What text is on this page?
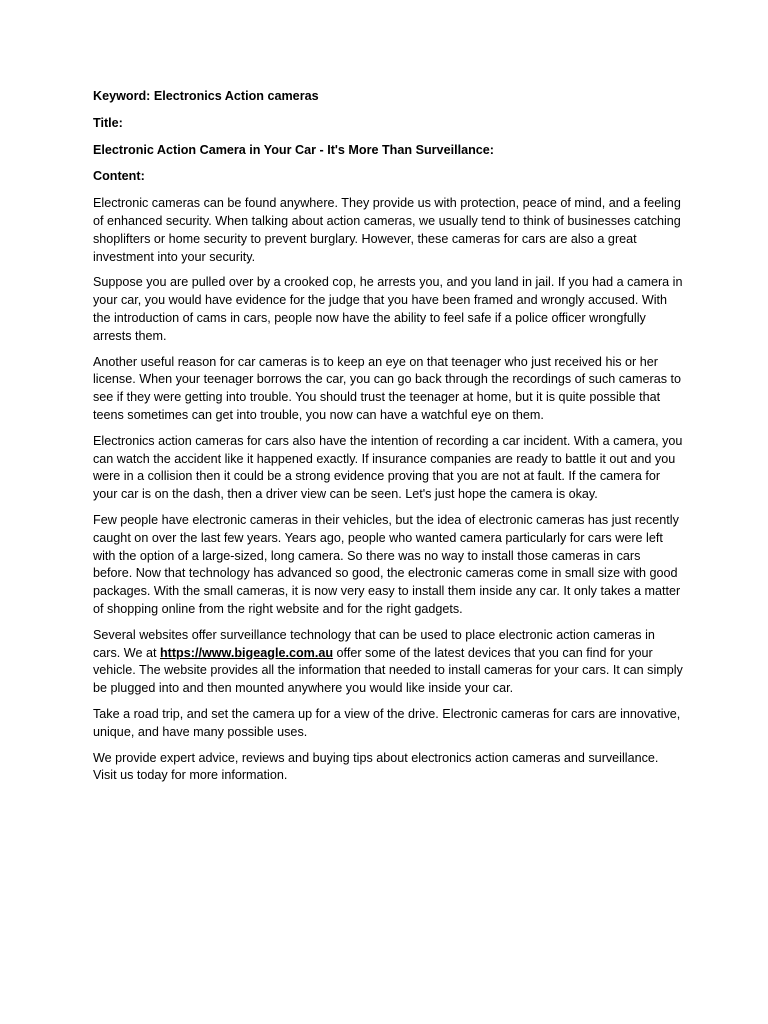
Keyword: Electronics Action cameras
Title:
Electronic Action Camera in Your Car - It's More Than Surveillance:
Content:

Electronic cameras can be found anywhere. They provide us with protection, peace of mind, and a feeling of enhanced security. When talking about action cameras, we usually tend to think of businesses catching shoplifters or home security to prevent burglary. However, these cameras for cars are also a great investment into your security.

Suppose you are pulled over by a crooked cop, he arrests you, and you land in jail. If you had a camera in your car, you would have evidence for the judge that you have been framed and wrongly accused. With the introduction of cams in cars, people now have the ability to feel safe if a police officer wrongfully arrests them.

Another useful reason for car cameras is to keep an eye on that teenager who just received his or her license. When your teenager borrows the car, you can go back through the recordings of such cameras to see if they were getting into trouble. You should trust the teenager at home, but it is quite possible that teens sometimes can get into trouble, you now can have a watchful eye on them.

Electronics action cameras for cars also have the intention of recording a car incident. With a camera, you can watch the accident like it happened exactly. If insurance companies are ready to battle it out and you were in a collision then it could be a strong evidence proving that you are not at fault. If the camera for your car is on the dash, then a driver view can be seen. Let's just hope the camera is okay.

Few people have electronic cameras in their vehicles, but the idea of electronic cameras has just recently caught on over the last few years. Years ago, people who wanted camera particularly for cars were left with the option of a large-sized, long camera. So there was no way to install those cameras in cars before. Now that technology has advanced so good, the electronic cameras come in small size with good packages. With the small cameras, it is now very easy to install them inside any car. It only takes a matter of shopping online from the right website and for the right gadgets.

Several websites offer surveillance technology that can be used to place electronic action cameras in cars. We at https://www.bigeagle.com.au offer some of the latest devices that you can find for your vehicle. The website provides all the information that needed to install cameras for your cars. It can simply be plugged into and then mounted anywhere you would like inside your car.

Take a road trip, and set the camera up for a view of the drive. Electronic cameras for cars are innovative, unique, and have many possible uses.

We provide expert advice, reviews and buying tips about electronics action cameras and surveillance. Visit us today for more information.
